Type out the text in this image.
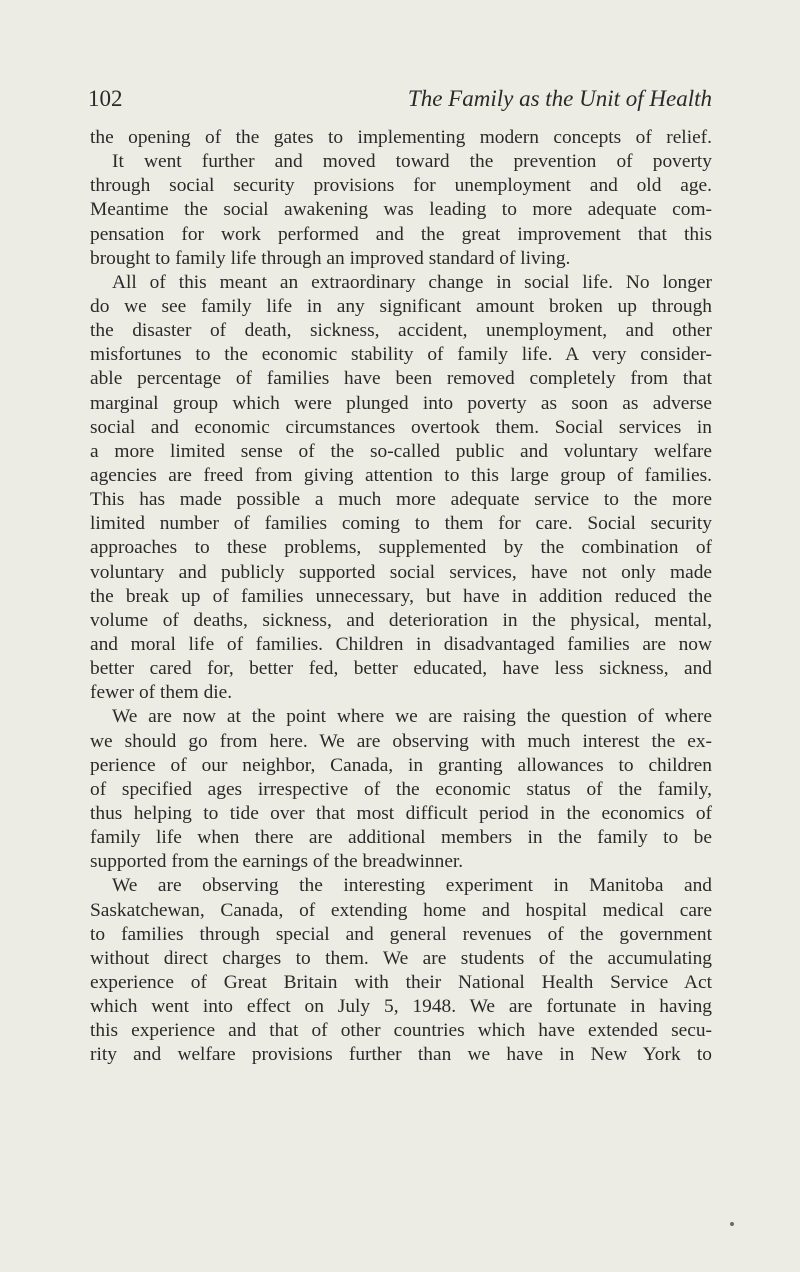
102	The Family as the Unit of Health
the opening of the gates to implementing modern concepts of relief.
It went further and moved toward the prevention of poverty
through social security provisions for unemployment and old age.
Meantime the social awakening was leading to more adequate com-
pensation for work performed and the great improvement that this
brought to family life through an improved standard of living.
All of this meant an extraordinary change in social life. No longer
do we see family life in any significant amount broken up through
the disaster of death, sickness, accident, unemployment, and other
misfortunes to the economic stability of family life. A very consider-
able percentage of families have been removed completely from that
marginal group which were plunged into poverty as soon as adverse
social and economic circumstances overtook them. Social services in
a more limited sense of the so-called public and voluntary welfare
agencies are freed from giving attention to this large group of families.
This has made possible a much more adequate service to the more
limited number of families coming to them for care. Social security
approaches to these problems, supplemented by the combination of
voluntary and publicly supported social services, have not only made
the break up of families unnecessary, but have in addition reduced the
volume of deaths, sickness, and deterioration in the physical, mental,
and moral life of families. Children in disadvantaged families are now
better cared for, better fed, better educated, have less sickness, and
fewer of them die.
We are now at the point where we are raising the question of where
we should go from here. We are observing with much interest the ex-
perience of our neighbor, Canada, in granting allowances to children
of specified ages irrespective of the economic status of the family,
thus helping to tide over that most difficult period in the economics of
family life when there are additional members in the family to be
supported from the earnings of the breadwinner.
We are observing the interesting experiment in Manitoba and
Saskatchewan, Canada, of extending home and hospital medical care
to families through special and general revenues of the government
without direct charges to them. We are students of the accumulating
experience of Great Britain with their National Health Service Act
which went into effect on July 5, 1948. We are fortunate in having
this experience and that of other countries which have extended secu-
rity and welfare provisions further than we have in New York to
